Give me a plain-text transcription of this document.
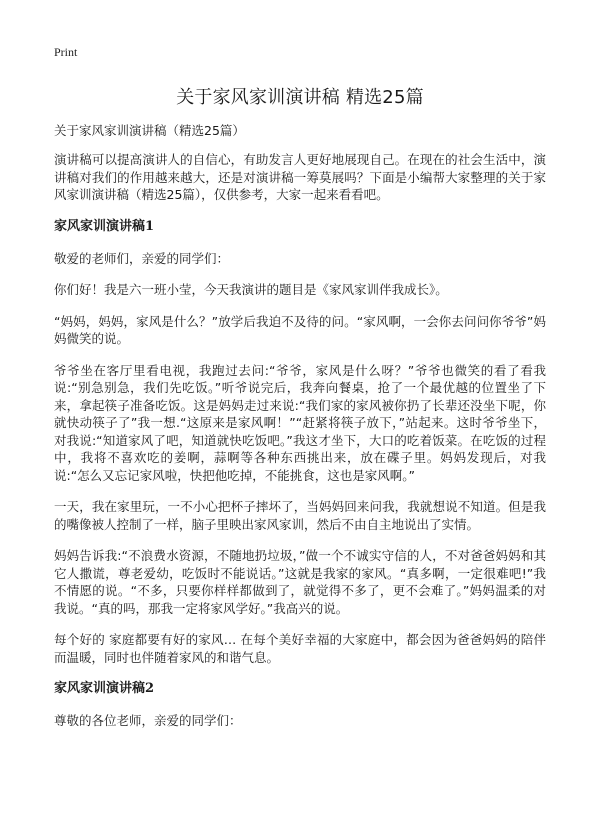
Print
关于家风家训演讲稿 精选25篇

关于家风家训演讲稿（精选25篇）

演讲稿可以提高演讲人的自信心，有助发言人更好地展现自己。在现在的社会生活中，演讲稿对我们的作用越来越大，还是对演讲稿一筹莫展吗？下面是小编帮大家整理的关于家风家训演讲稿（精选25篇），仅供参考，大家一起来看看吧。

家风家训演讲稿1

敬爱的老师们，亲爱的同学们：

你们好！我是六一班小莹，今天我演讲的题目是《家风家训伴我成长》。

“妈妈，妈妈，家风是什么？”放学后我迫不及待的问。“家风啊，一会你去问问你爷爷”妈妈微笑的说。

爷爷坐在客厅里看电视，我跑过去问:“爷爷，家风是什么呀？”爷爷也微笑的看了看我说:“别急别急，我们先吃饭。”听爷说完后，我奔向餐桌，抢了一个最优越的位置坐了下来，拿起筷子准备吃饭。这是妈妈走过来说:“我们家的家风被你扔了长辈还没坐下呢，你就快动筷子了”我一想.“这原来是家风啊！”“赶紧将筷子放下，”站起来。这时爷爷坐下，对我说:“知道家风了吧，知道就快吃饭吧。”我这才坐下，大口的吃着饭菜。在吃饭的过程中，我将不喜欢吃的姜啊，蒜啊等各种东西挑出来，放在碟子里。妈妈发现后，对我说:“怎么又忘记家风啦，快把他吃掉，不能挑食，这也是家风啊。”

一天，我在家里玩，一不小心把杯子摔坏了，当妈妈回来问我，我就想说不知道。但是我的嘴像被人控制了一样，脑子里映出家风家训，然后不由自主地说出了实情。

妈妈告诉我:“不浪费水资源，不随地扔垃圾，”做一个不诚实守信的人，不对爸爸妈妈和其它人撒谎，尊老爱幼，吃饭时不能说话。”这就是我家的家风。“真多啊，一定很难吧!”我不情愿的说。“不多，只要你样样都做到了，就觉得不多了，更不会难了。”妈妈温柔的对我说。“真的吗，那我一定将家风学好。”我高兴的说。

每个好的 家庭都要有好的家风… 在每个美好幸福的大家庭中，都会因为爸爸妈妈的陪伴而温暖，同时也伴随着家风的和谐气息。

家风家训演讲稿2

尊敬的各位老师，亲爱的同学们：
